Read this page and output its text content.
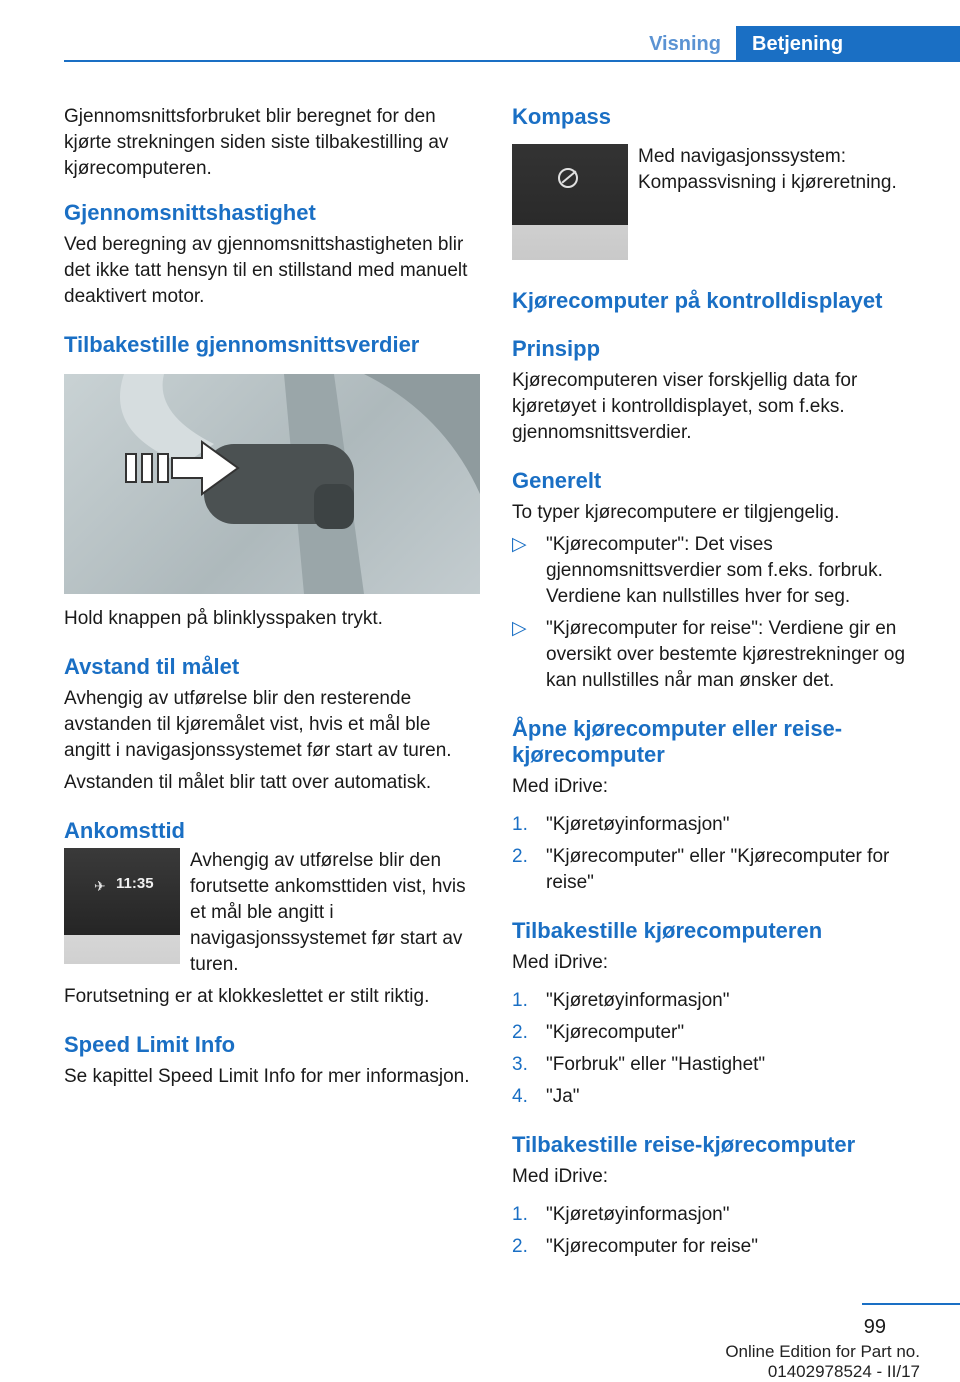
Visning	Betjening

Gjennomsnittsforbruket blir beregnet for den kjørte strekningen siden siste tilbakestilling av kjørecomputeren.

Gjennomsnittshastighet

Ved beregning av gjennomsnittshastigheten blir det ikke tatt hensyn til en stillstand med manuelt deaktivert motor.

Tilbakestille gjennomsnittsverdier

Hold knappen på blinklysspaken trykt.

Avstand til målet

Avhengig av utførelse blir den resterende avstanden til kjøremålet vist, hvis et mål ble angitt i navigasjonssystemet før start av turen.

Avstanden til målet blir tatt over automatisk.

Ankomsttid
✈ 11:35

Avhengig av utførelse blir den forutsette ankomsttiden vist, hvis et mål ble angitt i navigasjonssystemet før start av turen.

Forutsetning er at klokkeslettet er stilt riktig.

Speed Limit Info

Se kapittel Speed Limit Info for mer informasjon.

Kompass

Med navigasjonssystem: Kompassvisning i kjøreretning.

Kjørecomputer på kontrolldisplayet
Prinsipp

Kjørecomputeren viser forskjellig data for kjøretøyet i kontrolldisplayet, som f.eks. gjennomsnittsverdier.

Generelt

To typer kjørecomputere er tilgjengelig.

▷ "Kjørecomputer": Det vises gjennomsnittsverdier som f.eks. forbruk. Verdiene kan nullstilles hver for seg.
▷ "Kjørecomputer for reise": Verdiene gir en oversikt over bestemte kjørestrekninger og kan nullstilles når man ønsker det.
Åpne kjørecomputer eller reise-kjørecomputer

Med iDrive:

1. "Kjøretøyinformasjon"
2. "Kjørecomputer" eller "Kjørecomputer for reise"
Tilbakestille kjørecomputeren

Med iDrive:

1. "Kjøretøyinformasjon"
2. "Kjørecomputer"
3. "Forbruk" eller "Hastighet"
4. "Ja"
Tilbakestille reise-kjørecomputer

Med iDrive:

1. "Kjøretøyinformasjon"
2. "Kjørecomputer for reise"
99
Online Edition for Part no. 01402978524 - II/17
